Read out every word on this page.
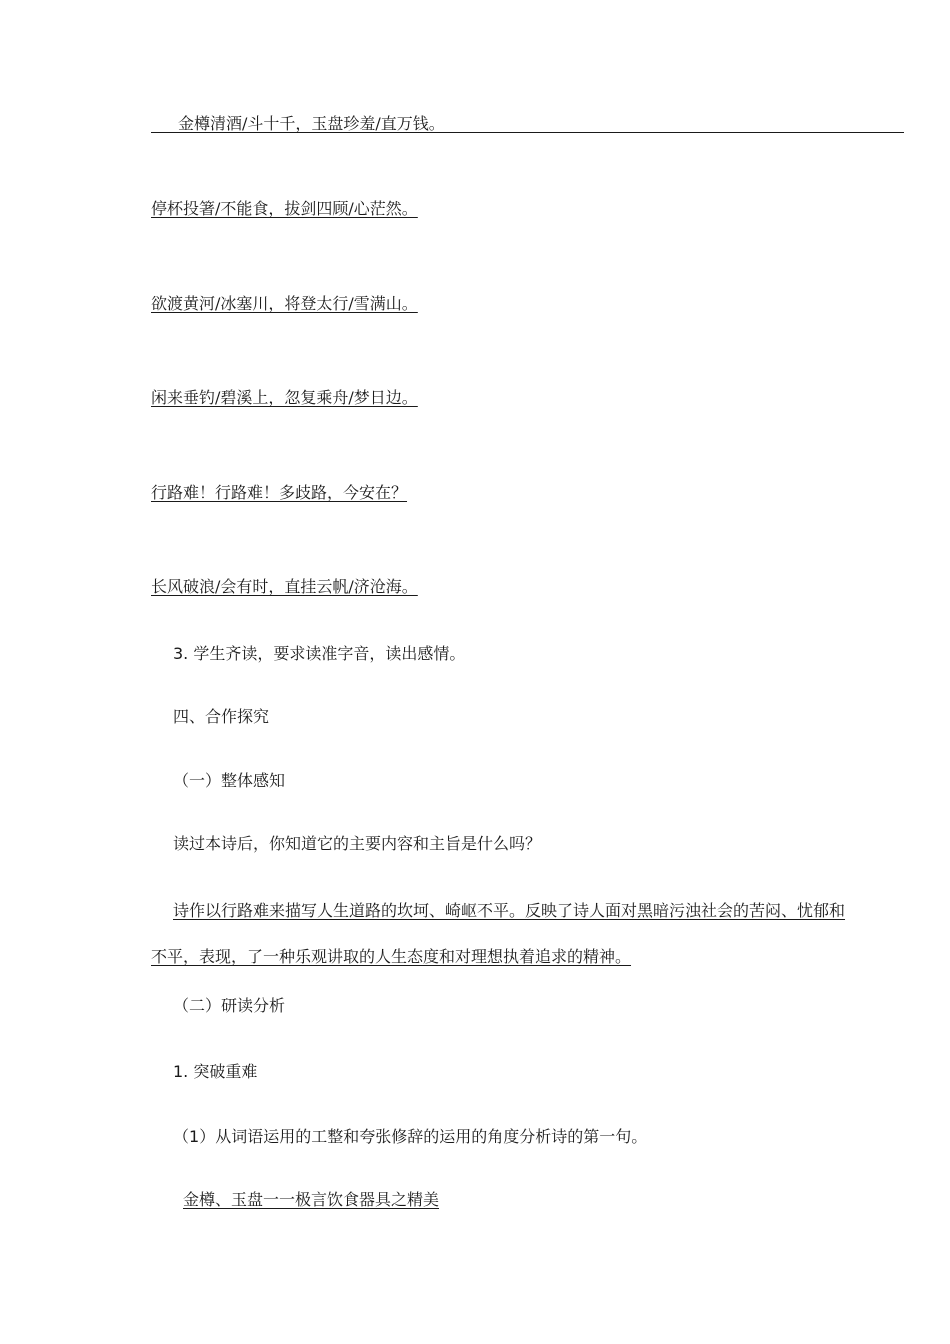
金樽清酒/斗十千，玉盘珍羞/直万钱。
停杯投箸/不能食，拔剑四顾/心茫然。
欲渡黄河/冰塞川，将登太行/雪满山。
闲来垂钓/碧溪上，忽复乘舟/梦日边。
行路难！行路难！多歧路，今安在？
长风破浪/会有时，直挂云帆/济沧海。
3. 学生齐读，要求读准字音，读出感情。
四、合作探究
（一）整体感知
读过本诗后，你知道它的主要内容和主旨是什么吗？
诗作以行路难来描写人生道路的坎坷、崎岖不平。反映了诗人面对黑暗污浊社会的苦闷、忧郁和
不平，表现，了一种乐观讲取的人生态度和对理想执着追求的精神。
（二）研读分析
1. 突破重难
（1）从词语运用的工整和夸张修辞的运用的角度分析诗的第一句。
金樽、玉盘一一极言饮食器具之精美
